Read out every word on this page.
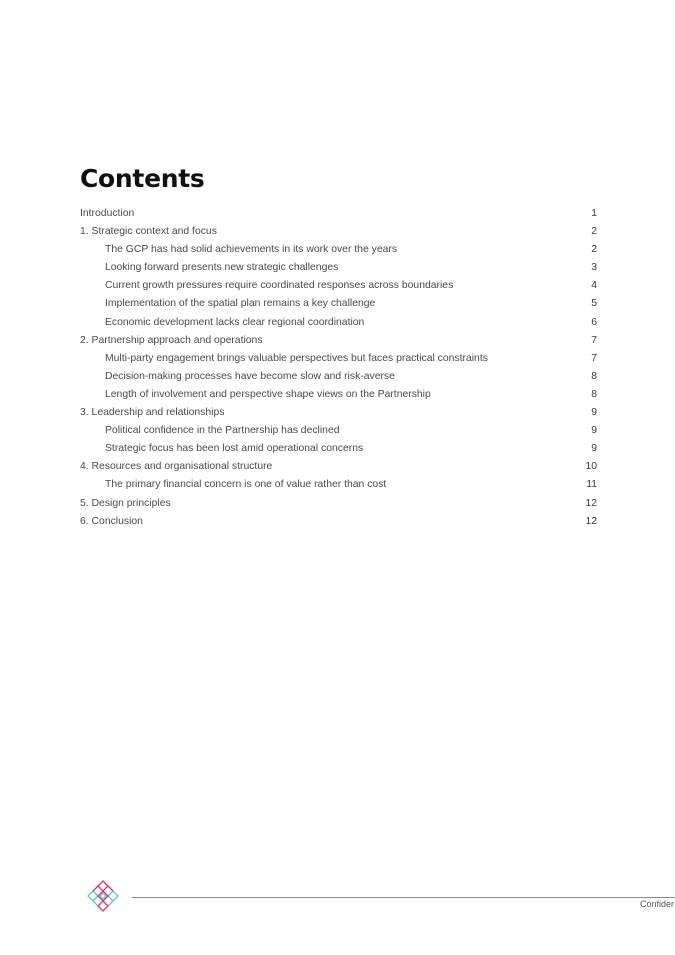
Contents
Introduction	1
1. Strategic context and focus	2
The GCP has had solid achievements in its work over the years	2
Looking forward presents new strategic challenges	3
Current growth pressures require coordinated responses across boundaries	4
Implementation of the spatial plan remains a key challenge	5
Economic development lacks clear regional coordination	6
2. Partnership approach and operations	7
Multi-party engagement brings valuable perspectives but faces practical constraints	7
Decision-making processes have become slow and risk-averse	8
Length of involvement and perspective shape views on the Partnership	8
3. Leadership and relationships	9
Political confidence in the Partnership has declined	9
Strategic focus has been lost amid operational concerns	9
4. Resources and organisational structure	10
The primary financial concern is one of value rather than cost	11
5. Design principles	12
6. Conclusion	12
Confider
